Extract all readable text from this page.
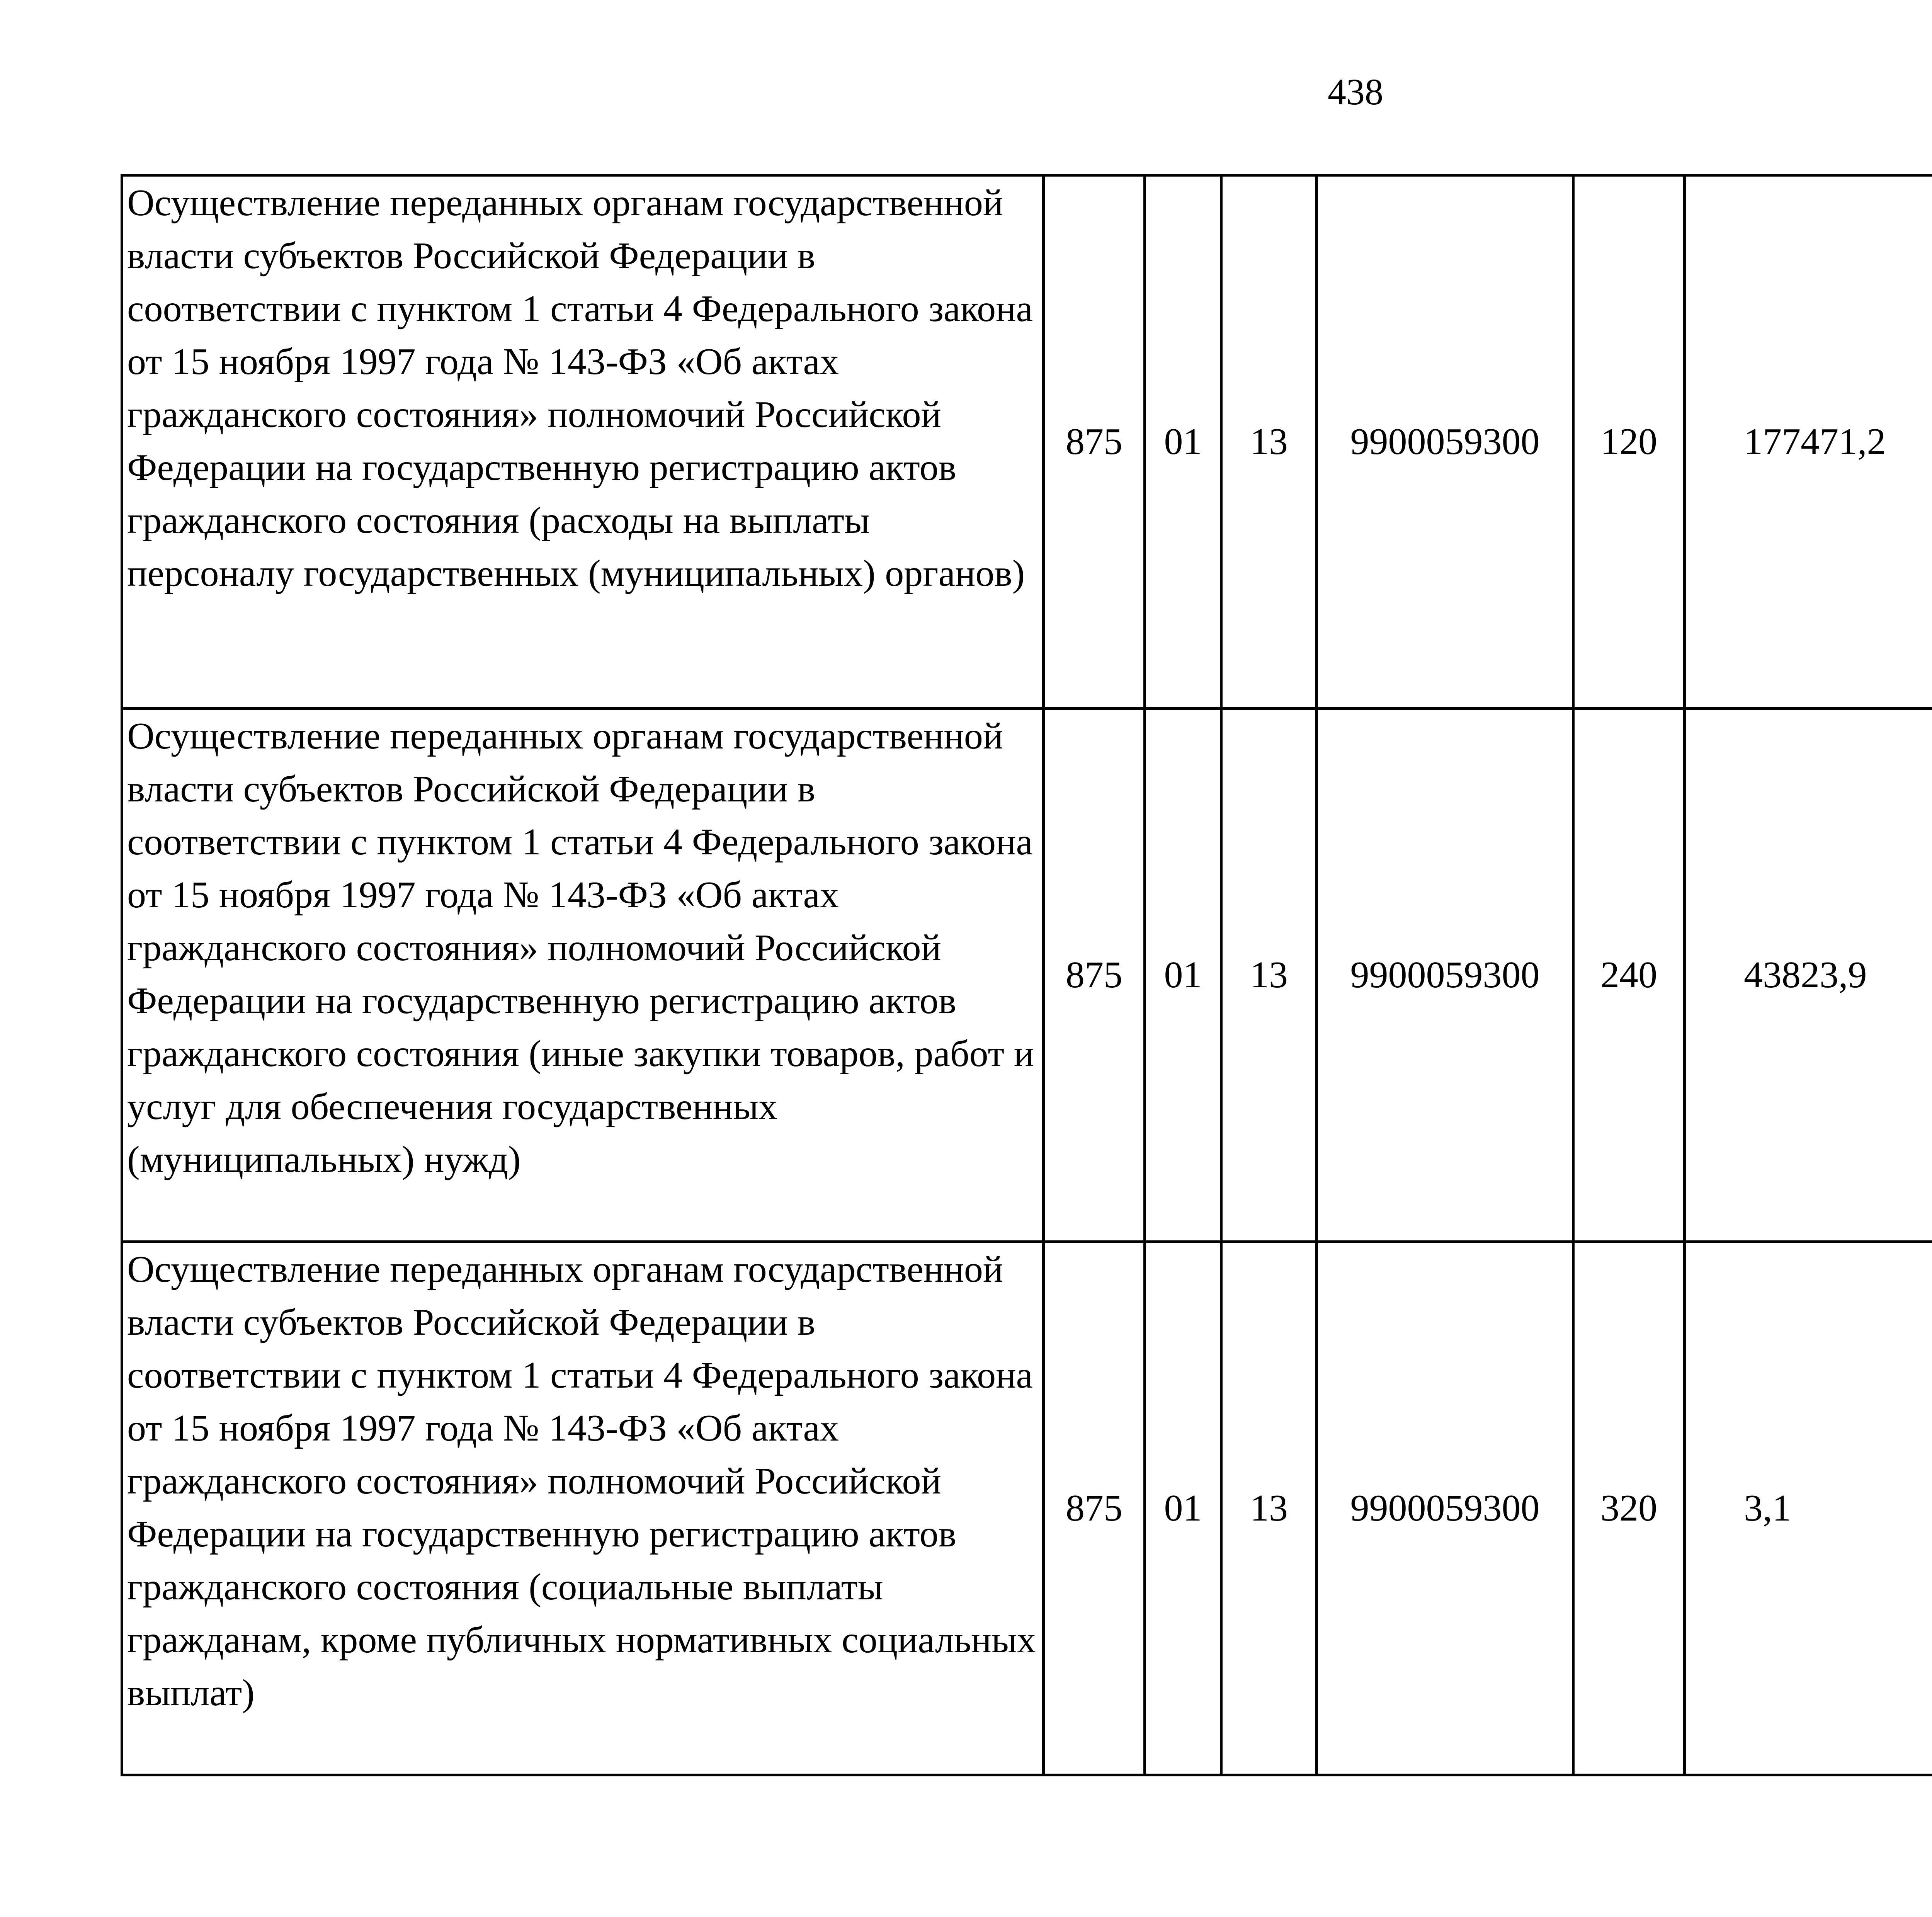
438
Осуществление переданных органам государственной власти субъектов Российской Федерации в соответствии с пунктом 1 статьи 4 Федерального закона от 15 ноября 1997 года № 143-ФЗ «Об актах гражданского состояния» полномочий Российской Федерации на государственную регистрацию актов гражданского состояния (расходы на выплаты персоналу государственных (муниципальных) органов)	875	01	13	9900059300	120	177471,2		
Осуществление переданных органам государственной власти субъектов Российской Федерации в соответствии с пунктом 1 статьи 4 Федерального закона от 15 ноября 1997 года № 143-ФЗ «Об актах гражданского состояния» полномочий Российской Федерации на государственную регистрацию актов гражданского состояния (иные закупки товаров, работ и услуг для обеспечения государственных (муниципальных) нужд)	875	01	13	9900059300	240	43823,9		
Осуществление переданных органам государственной власти субъектов Российской Федерации в соответствии с пунктом 1 статьи 4 Федерального закона от 15 ноября 1997 года № 143-ФЗ «Об актах гражданского состояния» полномочий Российской Федерации на государственную регистрацию актов гражданского состояния (социальные выплаты гражданам, кроме публичных нормативных социальных выплат)	875	01	13	9900059300	320	3,1		
